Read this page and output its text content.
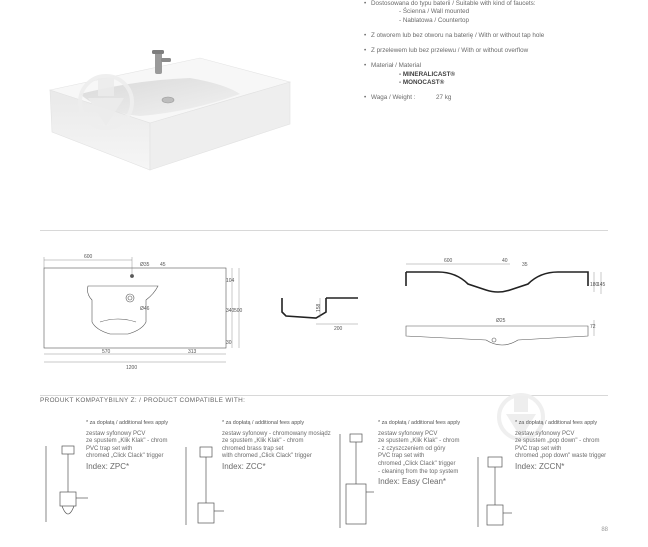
• Dostosowana do typu baterii / Suitable with kind of faucets:
- Ścienna / Wall mounted
- Nablatowa / Countertop
• Z otworem lub bez otworu na baterię / With or without tap hole
• Z przelewem lub bez przelewu / With or without overflow
• Materiał / Material
- MINERALICAST®
- MONOCAST®
• Waga / Weight :	27 kg
600
Ø35 45
Ø46
104
340 500
30
570	313
1200
158
200
600	40
35
180
145
Ø25
72
PRODUKT KOMPATYBILNY Z: / PRODUCT COMPATIBLE WITH:
* za dopłatą / additional fees apply
zestaw syfonowy PCV
ze spustem „Klik Klak" - chrom
PVC trap set with
chromed „Click Clack" trigger
Index: ZPC*
* za dopłatą / additional fees apply
zestaw syfonowy - chromowany mosiądz
ze spustem „Klik Klak" - chrom
chromed brass trap set
with chromed „Click Clack" trigger
Index: ZCC*
* za dopłatą / additional fees apply
zestaw syfonowy PCV
ze spustem „Klik Klak" - chrom
- z czyszczeniem od góry
PVC trap set with
chromed „Click Clack" trigger
- cleaning from the top system
Index: Easy Clean*
* za dopłatą / additional fees apply
zestaw syfonowy PCV
ze spustem „pop down" - chrom
PVC trap set with
chromed „pop down" waste trigger
Index: ZCCN*
88
